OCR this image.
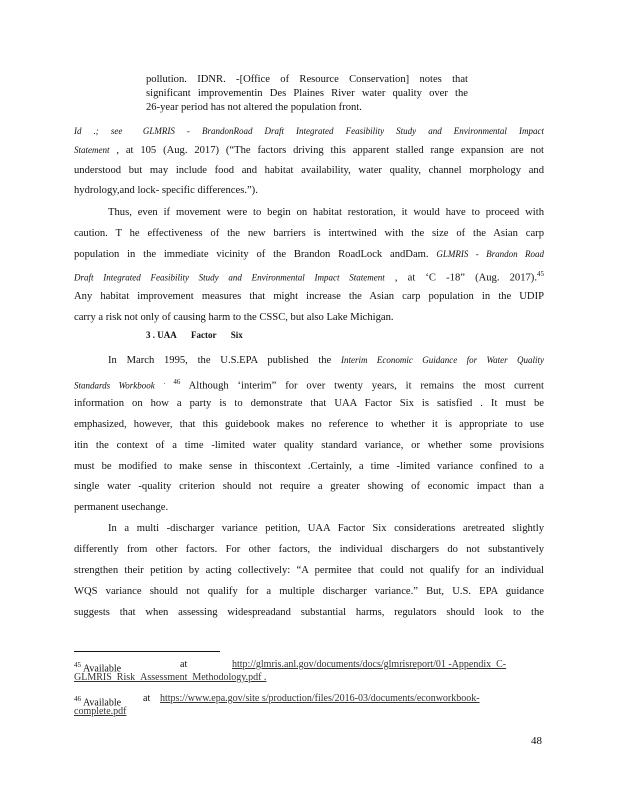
pollution. IDNR. -[Office of Resource Conservation] notes that
significant improvementin Des Plaines River water quality over the
26-year period has not altered the population front.
Id .; see GLMRIS - BrandonRoad Draft Integrated Feasibility Study and Environmental Impact
Statement , at 105 (Aug. 2017) (“The factors driving this apparent stalled range expansion are not
understood but may include food and habitat availability, water quality, channel morphology and
hydrology,and lock- specific differences.”).
Thus, even if movement were to begin on habitat restoration, it would have to proceed with
caution. T he effectiveness of the new barriers is intertwined with the size of the Asian carp
population in the immediate vicinity of the Brandon RoadLock andDam. GLMRIS - Brandon Road
Draft Integrated Feasibility Study and Environmental Impact Statement , at ‘C -18” (Aug. 2017).$^{45}$
Any habitat improvement measures that might increase the Asian carp population in the UDIP
carry a risk not only of causing harm to the CSSC, but also Lake Michigan.
3 . UAA Factor Six
In March 1995, the U.S.EPA published the Interim Economic Guidance for Water Quality
Standards Workbook $^{. 46}$ Although ‘interim” for over twenty years, it remains the most current
information on how a party is to demonstrate that UAA Factor Six is satisfied . It must be
emphasized, however, that this guidebook makes no reference to whether it is appropriate to use
itin the context of a time -limited water quality standard variance, or whether some provisions
must be modified to make sense in thiscontext .Certainly, a time -limited variance confined to a
single water -quality criterion should not require a greater showing of economic impact than a
permanent usechange.
In a multi -discharger variance petition, UAA Factor Six considerations aretreated slightly
differently from other factors. For other factors, the individual dischargers do not substantively
strengthen their petition by acting collectively: “A permitee that could not qualify for an individual
WQS variance should not qualify for a multiple discharger variance.” But, U.S. EPA guidance
suggests that when assessing widespreadand substantial harms, regulators should look to the
$^{45}$ Available	at	http://glmris.anl.gov/documents/docs/glmrisreport/01 -Appendix_C-
GLMRIS_Risk_Assessment_Methodology.pdf .
$^{46}$ Available at https://www.epa.gov/site s/production/files/2016-03/documents/econworkbook-
complete.pdf
48
